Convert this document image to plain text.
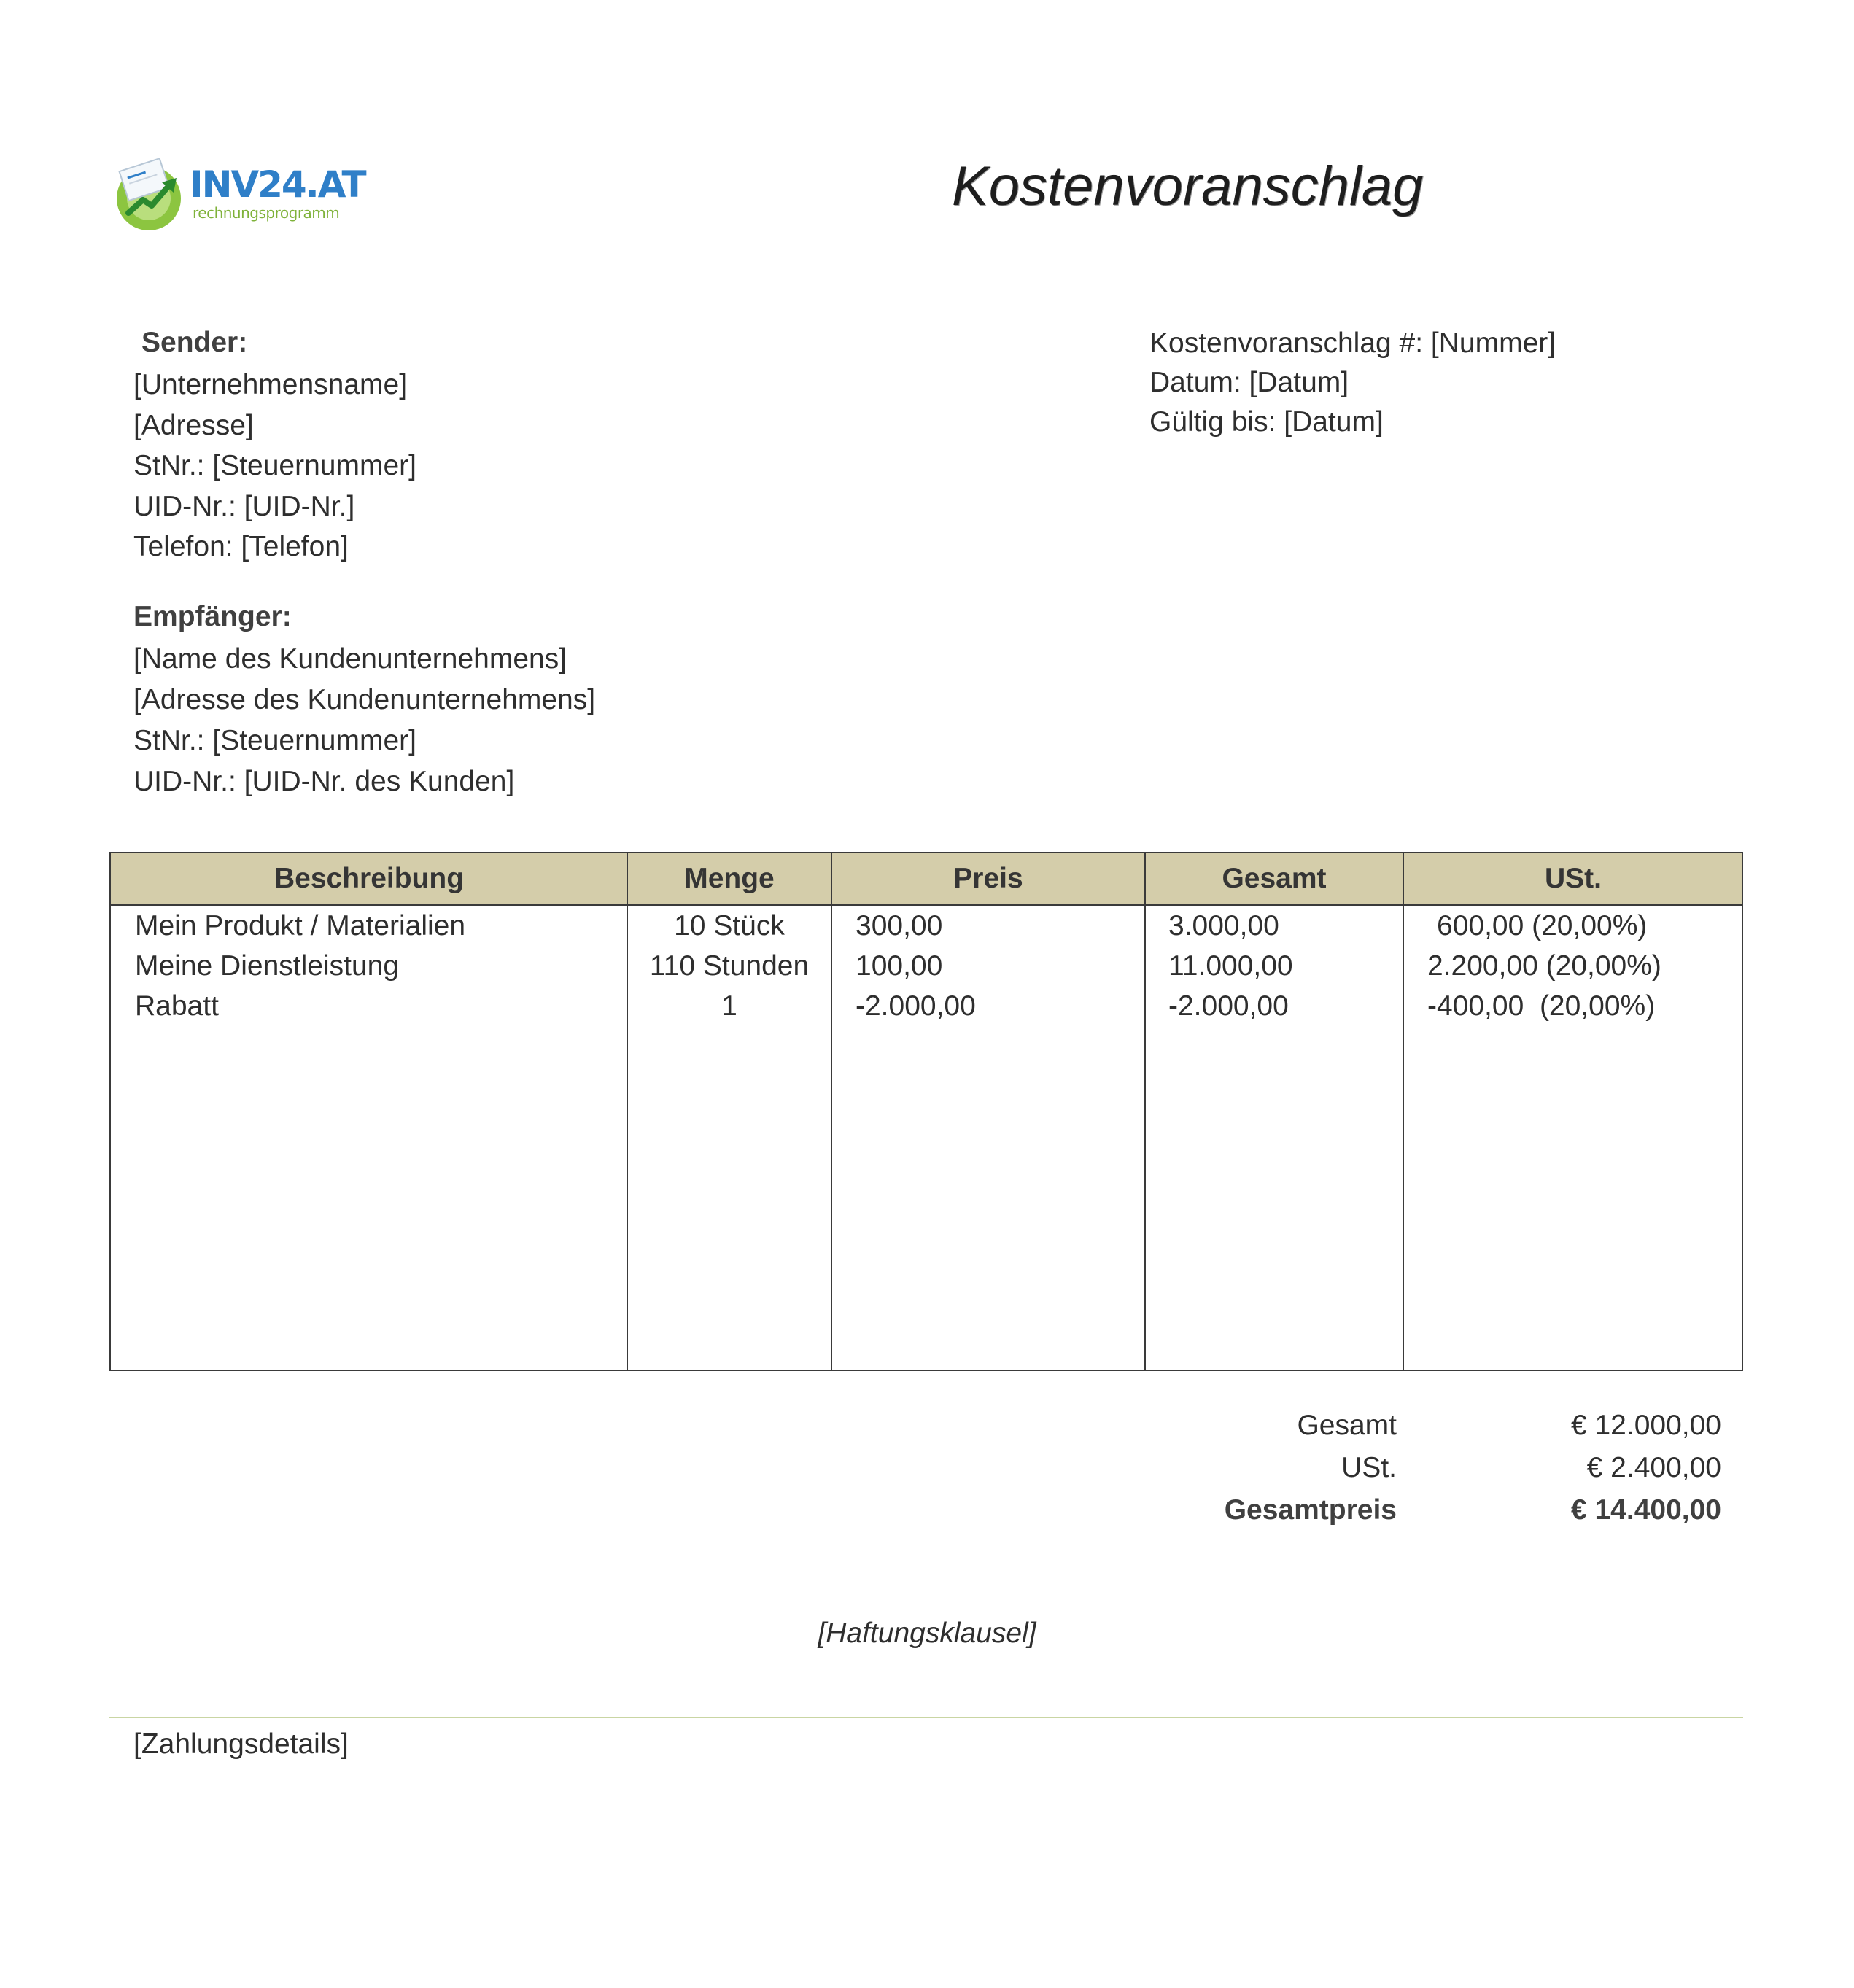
INV24.AT
rechnungsprogramm	Kostenvoranschlag
Sender:
[Unternehmensname]
[Adresse]
StNr.: [Steuernummer]
UID-Nr.: [UID-Nr.]
Telefon: [Telefon]
Kostenvoranschlag #: [Nummer]
Datum: [Datum]
Gültig bis: [Datum]
Empfänger:
[Name des Kundenunternehmens]
[Adresse des Kundenunternehmens]
StNr.: [Steuernummer]
UID-Nr.: [UID-Nr. des Kunden]
Beschreibung	Menge	Preis	Gesamt	USt.
Mein Produkt / Materialien	10 Stück	300,00	3.000,00	600,00 (20,00%)
Meine Dienstleistung	110 Stunden	100,00	11.000,00	2.200,00 (20,00%)
Rabatt	1	-2.000,00	-2.000,00	-400,00  (20,00%)
Gesamt	€ 12.000,00
USt.	€ 2.400,00
Gesamtpreis	€ 14.400,00
[Haftungsklausel]
[Zahlungsdetails]
